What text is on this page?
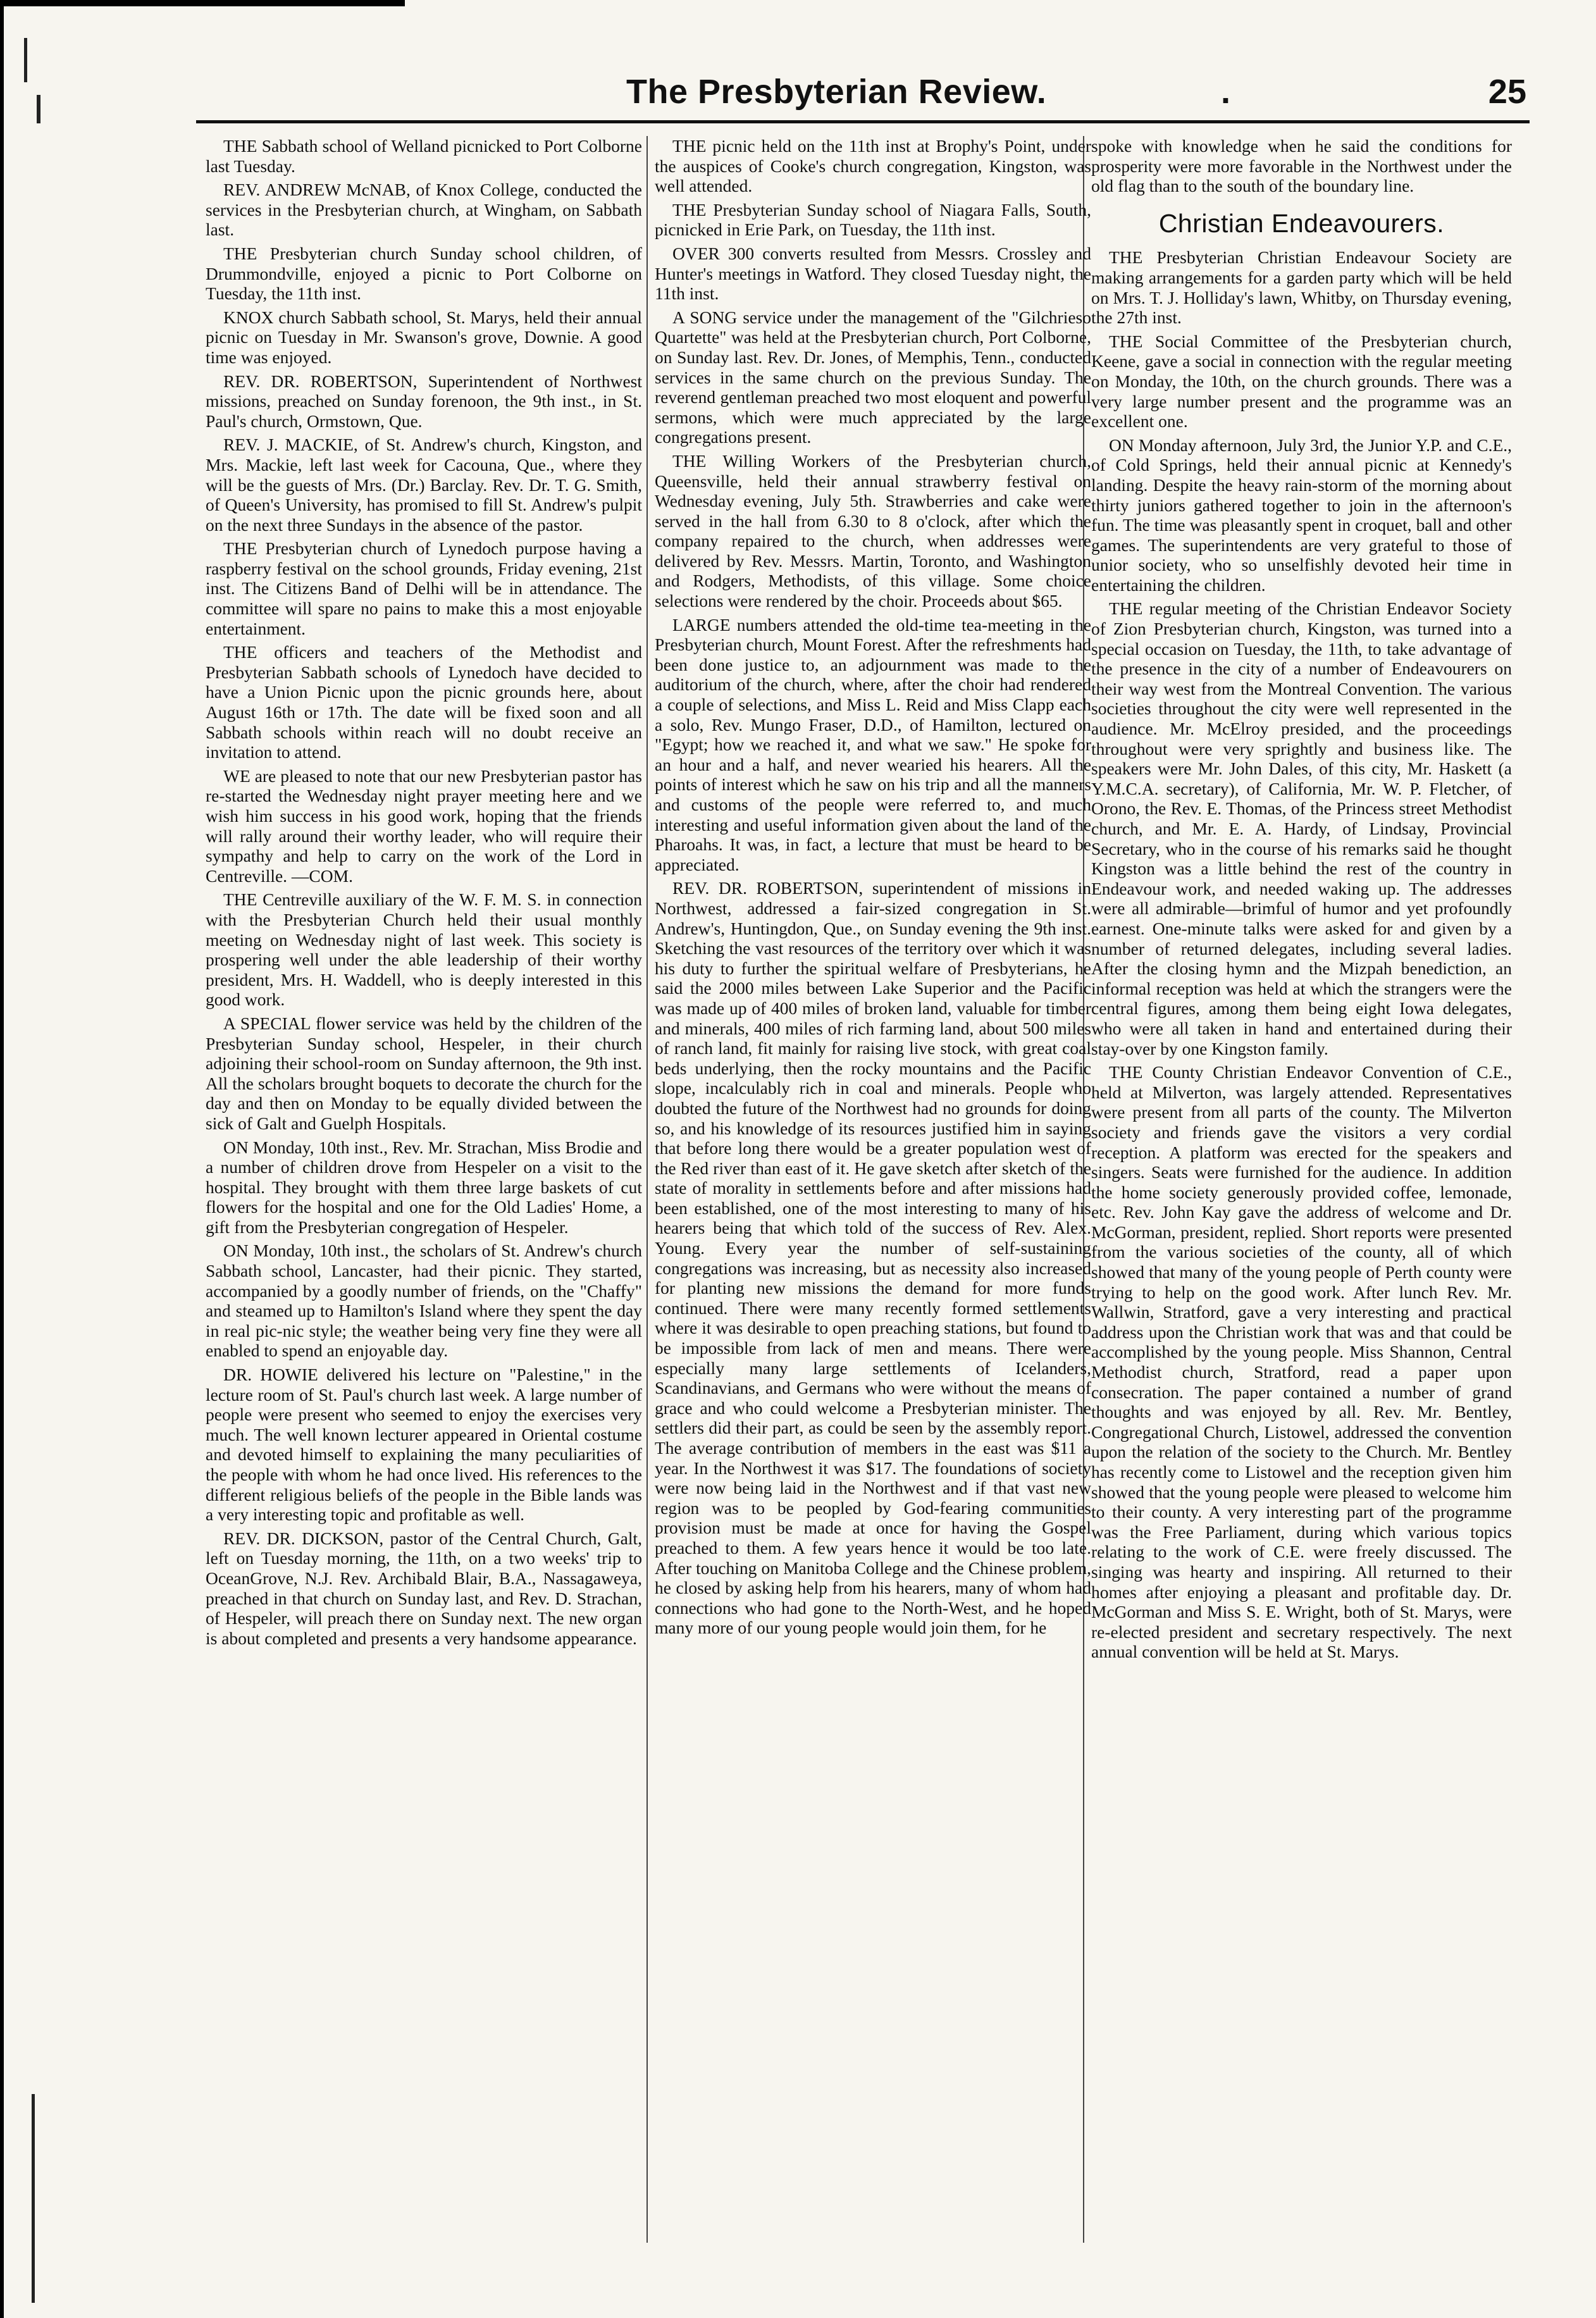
The Presbyterian Review.	.	25

THE Sabbath school of Welland picnicked to Port Colborne last Tuesday.

REV. ANDREW McNAB, of Knox College, conducted the services in the Presbyterian church, at Wingham, on Sabbath last.

THE Presbyterian church Sunday school children, of Drummondville, enjoyed a picnic to Port Colborne on Tuesday, the 11th inst.

KNOX church Sabbath school, St. Marys, held their annual picnic on Tuesday in Mr. Swanson's grove, Downie. A good time was enjoyed.

REV. DR. ROBERTSON, Superintendent of Northwest missions, preached on Sunday forenoon, the 9th inst., in St. Paul's church, Ormstown, Que.

REV. J. MACKIE, of St. Andrew's church, Kingston, and Mrs. Mackie, left last week for Cacouna, Que., where they will be the guests of Mrs. (Dr.) Barclay. Rev. Dr. T. G. Smith, of Queen's University, has promised to fill St. Andrew's pulpit on the next three Sundays in the absence of the pastor.

THE Presbyterian church of Lynedoch purpose having a raspberry festival on the school grounds, Friday evening, 21st inst. The Citizens Band of Delhi will be in attendance. The committee will spare no pains to make this a most enjoyable entertainment.

THE officers and teachers of the Methodist and Presbyterian Sabbath schools of Lynedoch have decided to have a Union Picnic upon the picnic grounds here, about August 16th or 17th. The date will be fixed soon and all Sabbath schools within reach will no doubt receive an invitation to attend.

WE are pleased to note that our new Presbyterian pastor has re-started the Wednesday night prayer meeting here and we wish him success in his good work, hoping that the friends will rally around their worthy leader, who will require their sympathy and help to carry on the work of the Lord in Centreville. —COM.

THE Centreville auxiliary of the W. F. M. S. in connection with the Presbyterian Church held their usual monthly meeting on Wednesday night of last week. This society is prospering well under the able leadership of their worthy president, Mrs. H. Waddell, who is deeply interested in this good work.

A SPECIAL flower service was held by the children of the Presbyterian Sunday school, Hespeler, in their church adjoining their school-room on Sunday afternoon, the 9th inst. All the scholars brought boquets to decorate the church for the day and then on Monday to be equally divided between the sick of Galt and Guelph Hospitals.

ON Monday, 10th inst., Rev. Mr. Strachan, Miss Brodie and a number of children drove from Hespeler on a visit to the hospital. They brought with them three large baskets of cut flowers for the hospital and one for the Old Ladies' Home, a gift from the Presbyterian congregation of Hespeler.

ON Monday, 10th inst., the scholars of St. Andrew's church Sabbath school, Lancaster, had their picnic. They started, accompanied by a goodly number of friends, on the "Chaffy" and steamed up to Hamilton's Island where they spent the day in real pic-nic style; the weather being very fine they were all enabled to spend an enjoyable day.

DR. HOWIE delivered his lecture on "Palestine," in the lecture room of St. Paul's church last week. A large number of people were present who seemed to enjoy the exercises very much. The well known lecturer appeared in Oriental costume and devoted himself to explaining the many peculiarities of the people with whom he had once lived. His references to the different religious beliefs of the people in the Bible lands was a very interesting topic and profitable as well.

REV. DR. DICKSON, pastor of the Central Church, Galt, left on Tuesday morning, the 11th, on a two weeks' trip to OceanGrove, N.J. Rev. Archibald Blair, B.A., Nassagaweya, preached in that church on Sunday last, and Rev. D. Strachan, of Hespeler, will preach there on Sunday next. The new organ is about completed and presents a very handsome appearance.

THE picnic held on the 11th inst at Brophy's Point, under the auspices of Cooke's church congregation, Kingston, was well attended.

THE Presbyterian Sunday school of Niagara Falls, South, picnicked in Erie Park, on Tuesday, the 11th inst.

OVER 300 converts resulted from Messrs. Crossley and Hunter's meetings in Watford. They closed Tuesday night, the 11th inst.

A SONG service under the management of the "Gilchrieso Quartette" was held at the Presbyterian church, Port Colborne, on Sunday last. Rev. Dr. Jones, of Memphis, Tenn., conducted services in the same church on the previous Sunday. The reverend gentleman preached two most eloquent and powerful sermons, which were much appreciated by the large congregations present.

THE Willing Workers of the Presbyterian church, Queensville, held their annual strawberry festival on Wednesday evening, July 5th. Strawberries and cake were served in the hall from 6.30 to 8 o'clock, after which the company repaired to the church, when addresses were delivered by Rev. Messrs. Martin, Toronto, and Washington and Rodgers, Methodists, of this village. Some choice selections were rendered by the choir. Proceeds about $65.

LARGE numbers attended the old-time tea-meeting in the Presbyterian church, Mount Forest. After the refreshments had been done justice to, an adjournment was made to the auditorium of the church, where, after the choir had rendered a couple of selections, and Miss L. Reid and Miss Clapp each a solo, Rev. Mungo Fraser, D.D., of Hamilton, lectured on "Egypt; how we reached it, and what we saw." He spoke for an hour and a half, and never wearied his hearers. All the points of interest which he saw on his trip and all the manners and customs of the people were referred to, and much interesting and useful information given about the land of the Pharoahs. It was, in fact, a lecture that must be heard to be appreciated.

REV. DR. ROBERTSON, superintendent of missions in Northwest, addressed a fair-sized congregation in St. Andrew's, Huntingdon, Que., on Sunday evening the 9th inst. Sketching the vast resources of the territory over which it was his duty to further the spiritual welfare of Presbyterians, he said the 2000 miles between Lake Superior and the Pacific was made up of 400 miles of broken land, valuable for timber and minerals, 400 miles of rich farming land, about 500 miles of ranch land, fit mainly for raising live stock, with great coal beds underlying, then the rocky mountains and the Pacific slope, incalculably rich in coal and minerals. People who doubted the future of the Northwest had no grounds for doing so, and his knowledge of its resources justified him in saying that before long there would be a greater population west of the Red river than east of it. He gave sketch after sketch of the state of morality in settlements before and after missions had been established, one of the most interesting to many of his hearers being that which told of the success of Rev. Alex. Young. Every year the number of self-sustaining congregations was increasing, but as necessity also increased for planting new missions the demand for more funds continued. There were many recently formed settlements where it was desirable to open preaching stations, but found to be impossible from lack of men and means. There were especially many large settlements of Icelanders, Scandinavians, and Germans who were without the means of grace and who could welcome a Presbyterian minister. The settlers did their part, as could be seen by the assembly report. The average contribution of members in the east was $11 a year. In the Northwest it was $17. The foundations of society were now being laid in the Northwest and if that vast new region was to be peopled by God-fearing communities provision must be made at once for having the Gospel preached to them. A few years hence it would be too late. After touching on Manitoba College and the Chinese problem, he closed by asking help from his hearers, many of whom had connections who had gone to the North-West, and he hoped many more of our young people would join them, for he

spoke with knowledge when he said the conditions for prosperity were more favorable in the Northwest under the old flag than to the south of the boundary line.

Christian Endeavourers.

THE Presbyterian Christian Endeavour Society are making arrangements for a garden party which will be held on Mrs. T. J. Holliday's lawn, Whitby, on Thursday evening, the 27th inst.

THE Social Committee of the Presbyterian church, Keene, gave a social in connection with the regular meeting on Monday, the 10th, on the church grounds. There was a very large number present and the programme was an excellent one.

ON Monday afternoon, July 3rd, the Junior Y.P. and C.E., of Cold Springs, held their annual picnic at Kennedy's landing. Despite the heavy rain-storm of the morning about thirty juniors gathered together to join in the afternoon's fun. The time was pleasantly spent in croquet, ball and other games. The superintendents are very grateful to those of unior society, who so unselfishly devoted heir time in entertaining the children.

THE regular meeting of the Christian Endeavor Society of Zion Presbyterian church, Kingston, was turned into a special occasion on Tuesday, the 11th, to take advantage of the presence in the city of a number of Endeavourers on their way west from the Montreal Convention. The various societies throughout the city were well represented in the audience. Mr. McElroy presided, and the proceedings throughout were very sprightly and business like. The speakers were Mr. John Dales, of this city, Mr. Haskett (a Y.M.C.A. secretary), of California, Mr. W. P. Fletcher, of Orono, the Rev. E. Thomas, of the Princess street Methodist church, and Mr. E. A. Hardy, of Lindsay, Provincial Secretary, who in the course of his remarks said he thought Kingston was a little behind the rest of the country in Endeavour work, and needed waking up. The addresses were all admirable—brimful of humor and yet profoundly earnest. One-minute talks were asked for and given by a number of returned delegates, including several ladies. After the closing hymn and the Mizpah benediction, an informal reception was held at which the strangers were the central figures, among them being eight Iowa delegates, who were all taken in hand and entertained during their stay-over by one Kingston family.

THE County Christian Endeavor Convention of C.E., held at Milverton, was largely attended. Representatives were present from all parts of the county. The Milverton society and friends gave the visitors a very cordial reception. A platform was erected for the speakers and singers. Seats were furnished for the audience. In addition the home society generously provided coffee, lemonade, etc. Rev. John Kay gave the address of welcome and Dr. McGorman, president, replied. Short reports were presented from the various societies of the county, all of which showed that many of the young people of Perth county were trying to help on the good work. After lunch Rev. Mr. Wallwin, Stratford, gave a very interesting and practical address upon the Christian work that was and that could be accomplished by the young people. Miss Shannon, Central Methodist church, Stratford, read a paper upon consecration. The paper contained a number of grand thoughts and was enjoyed by all. Rev. Mr. Bentley, Congregational Church, Listowel, addressed the convention upon the relation of the society to the Church. Mr. Bentley has recently come to Listowel and the reception given him showed that the young people were pleased to welcome him to their county. A very interesting part of the programme was the Free Parliament, during which various topics relating to the work of C.E. were freely discussed. The singing was hearty and inspiring. All returned to their homes after enjoying a pleasant and profitable day. Dr. McGorman and Miss S. E. Wright, both of St. Marys, were re-elected president and secretary respectively. The next annual convention will be held at St. Marys.
